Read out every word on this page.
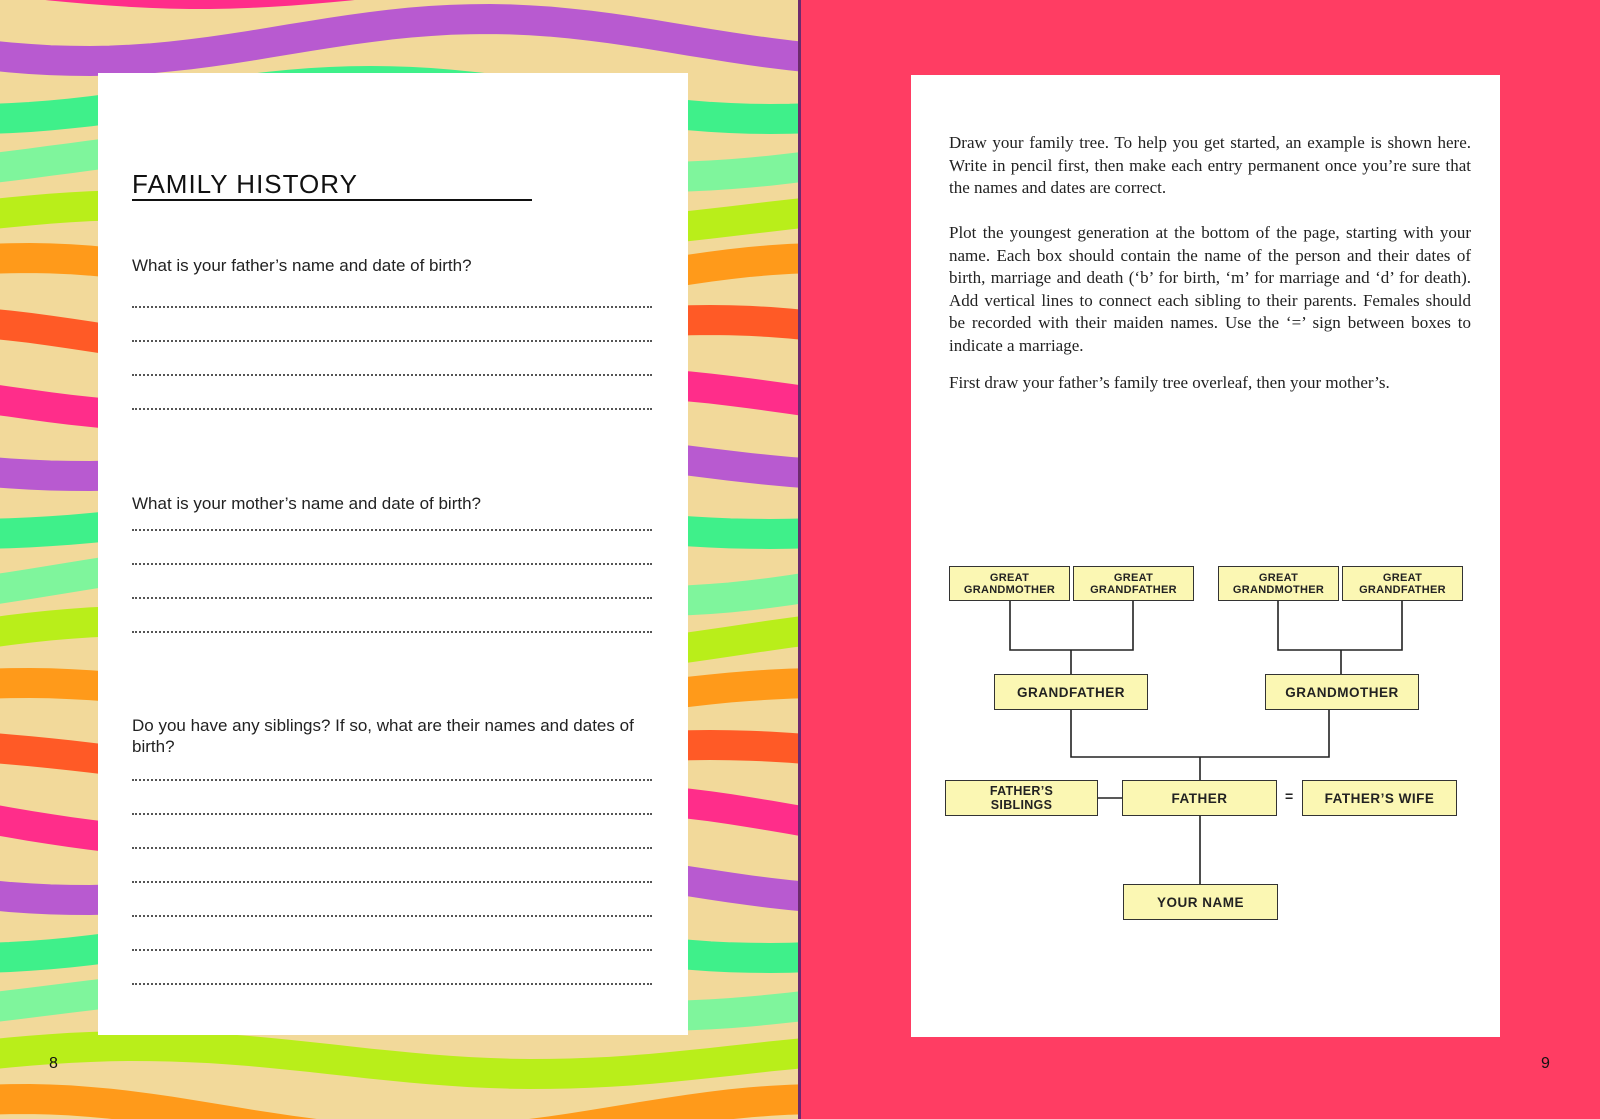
FAMILY HISTORY
What is your father’s name and date of birth?
What is your mother’s name and date of birth?
Do you have any siblings? If so, what are their names and dates of birth?
8

Draw your family tree. To help you get started, an example is shown here. Write in pencil first, then make each entry permanent once you’re sure that the names and dates are correct.

Plot the youngest generation at the bottom of the page, starting with your name. Each box should contain the name of the person and their dates of birth, marriage and death (‘b’ for birth, ‘m’ for marriage and ‘d’ for death). Add vertical lines to connect each sibling to their parents. Females should be recorded with their maiden names. Use the ‘=’ sign between boxes to indicate a marriage.

First draw your father’s family tree overleaf, then your mother’s.

GREAT GRANDMOTHER
GREAT GRANDFATHER
GREAT GRANDMOTHER
GREAT GRANDFATHER
GRANDFATHER	GRANDMOTHER
FATHER’S SIBLINGS	FATHER	=	FATHER’S WIFE
YOUR NAME
9
